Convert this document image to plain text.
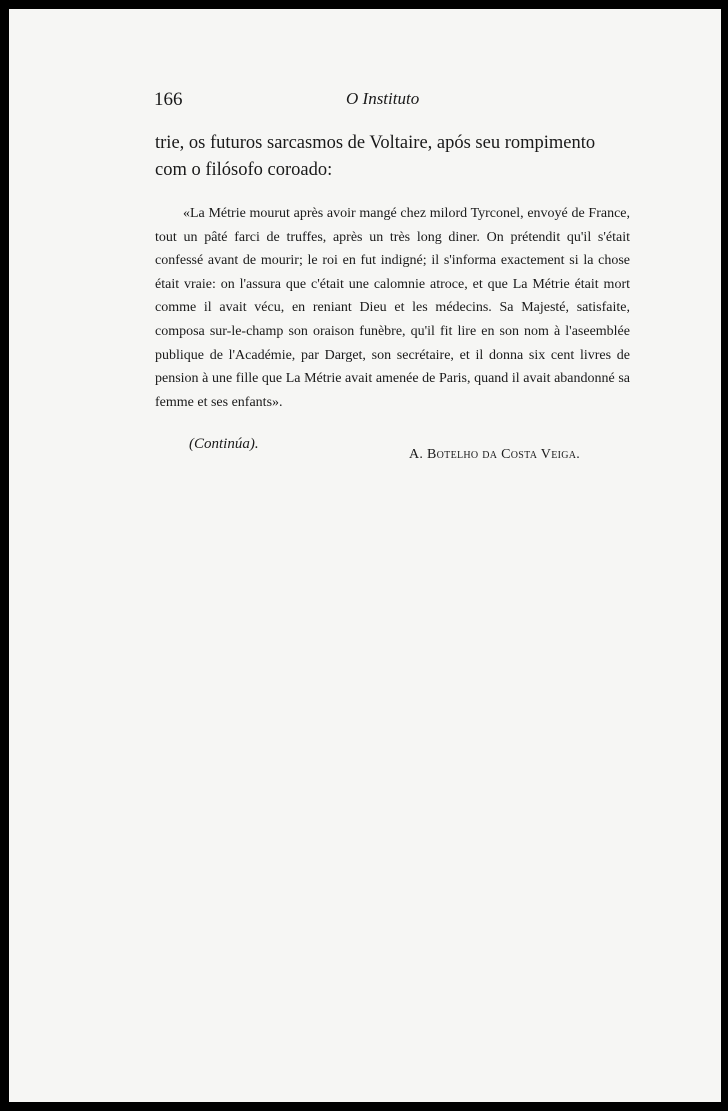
166	O Instituto
trie, os futuros sarcasmos de Voltaire, após seu rompimento com o filósofo coroado:

«La Métrie mourut après avoir mangé chez milord Tyrconel, envoyé de France, tout un pâté farci de truffes, après un très long diner. On prétendit qu'il s'était confessé avant de mourir; le roi en fut indigné; il s'informa exactement si la chose était vraie: on l'assura que c'était une calomnie atroce, et que La Métrie était mort comme il avait vécu, en reniant Dieu et les médecins. Sa Majesté, satisfaite, composa sur-le-champ son oraison funèbre, qu'il fit lire en son nom à l'aseemblée publique de l'Académie, par Darget, son secrétaire, et il donna six cent livres de pension à une fille que La Métrie avait amenée de Paris, quand il avait abandonné sa femme et ses enfants».

(Continúa).
A. Botelho da Costa Veiga.
